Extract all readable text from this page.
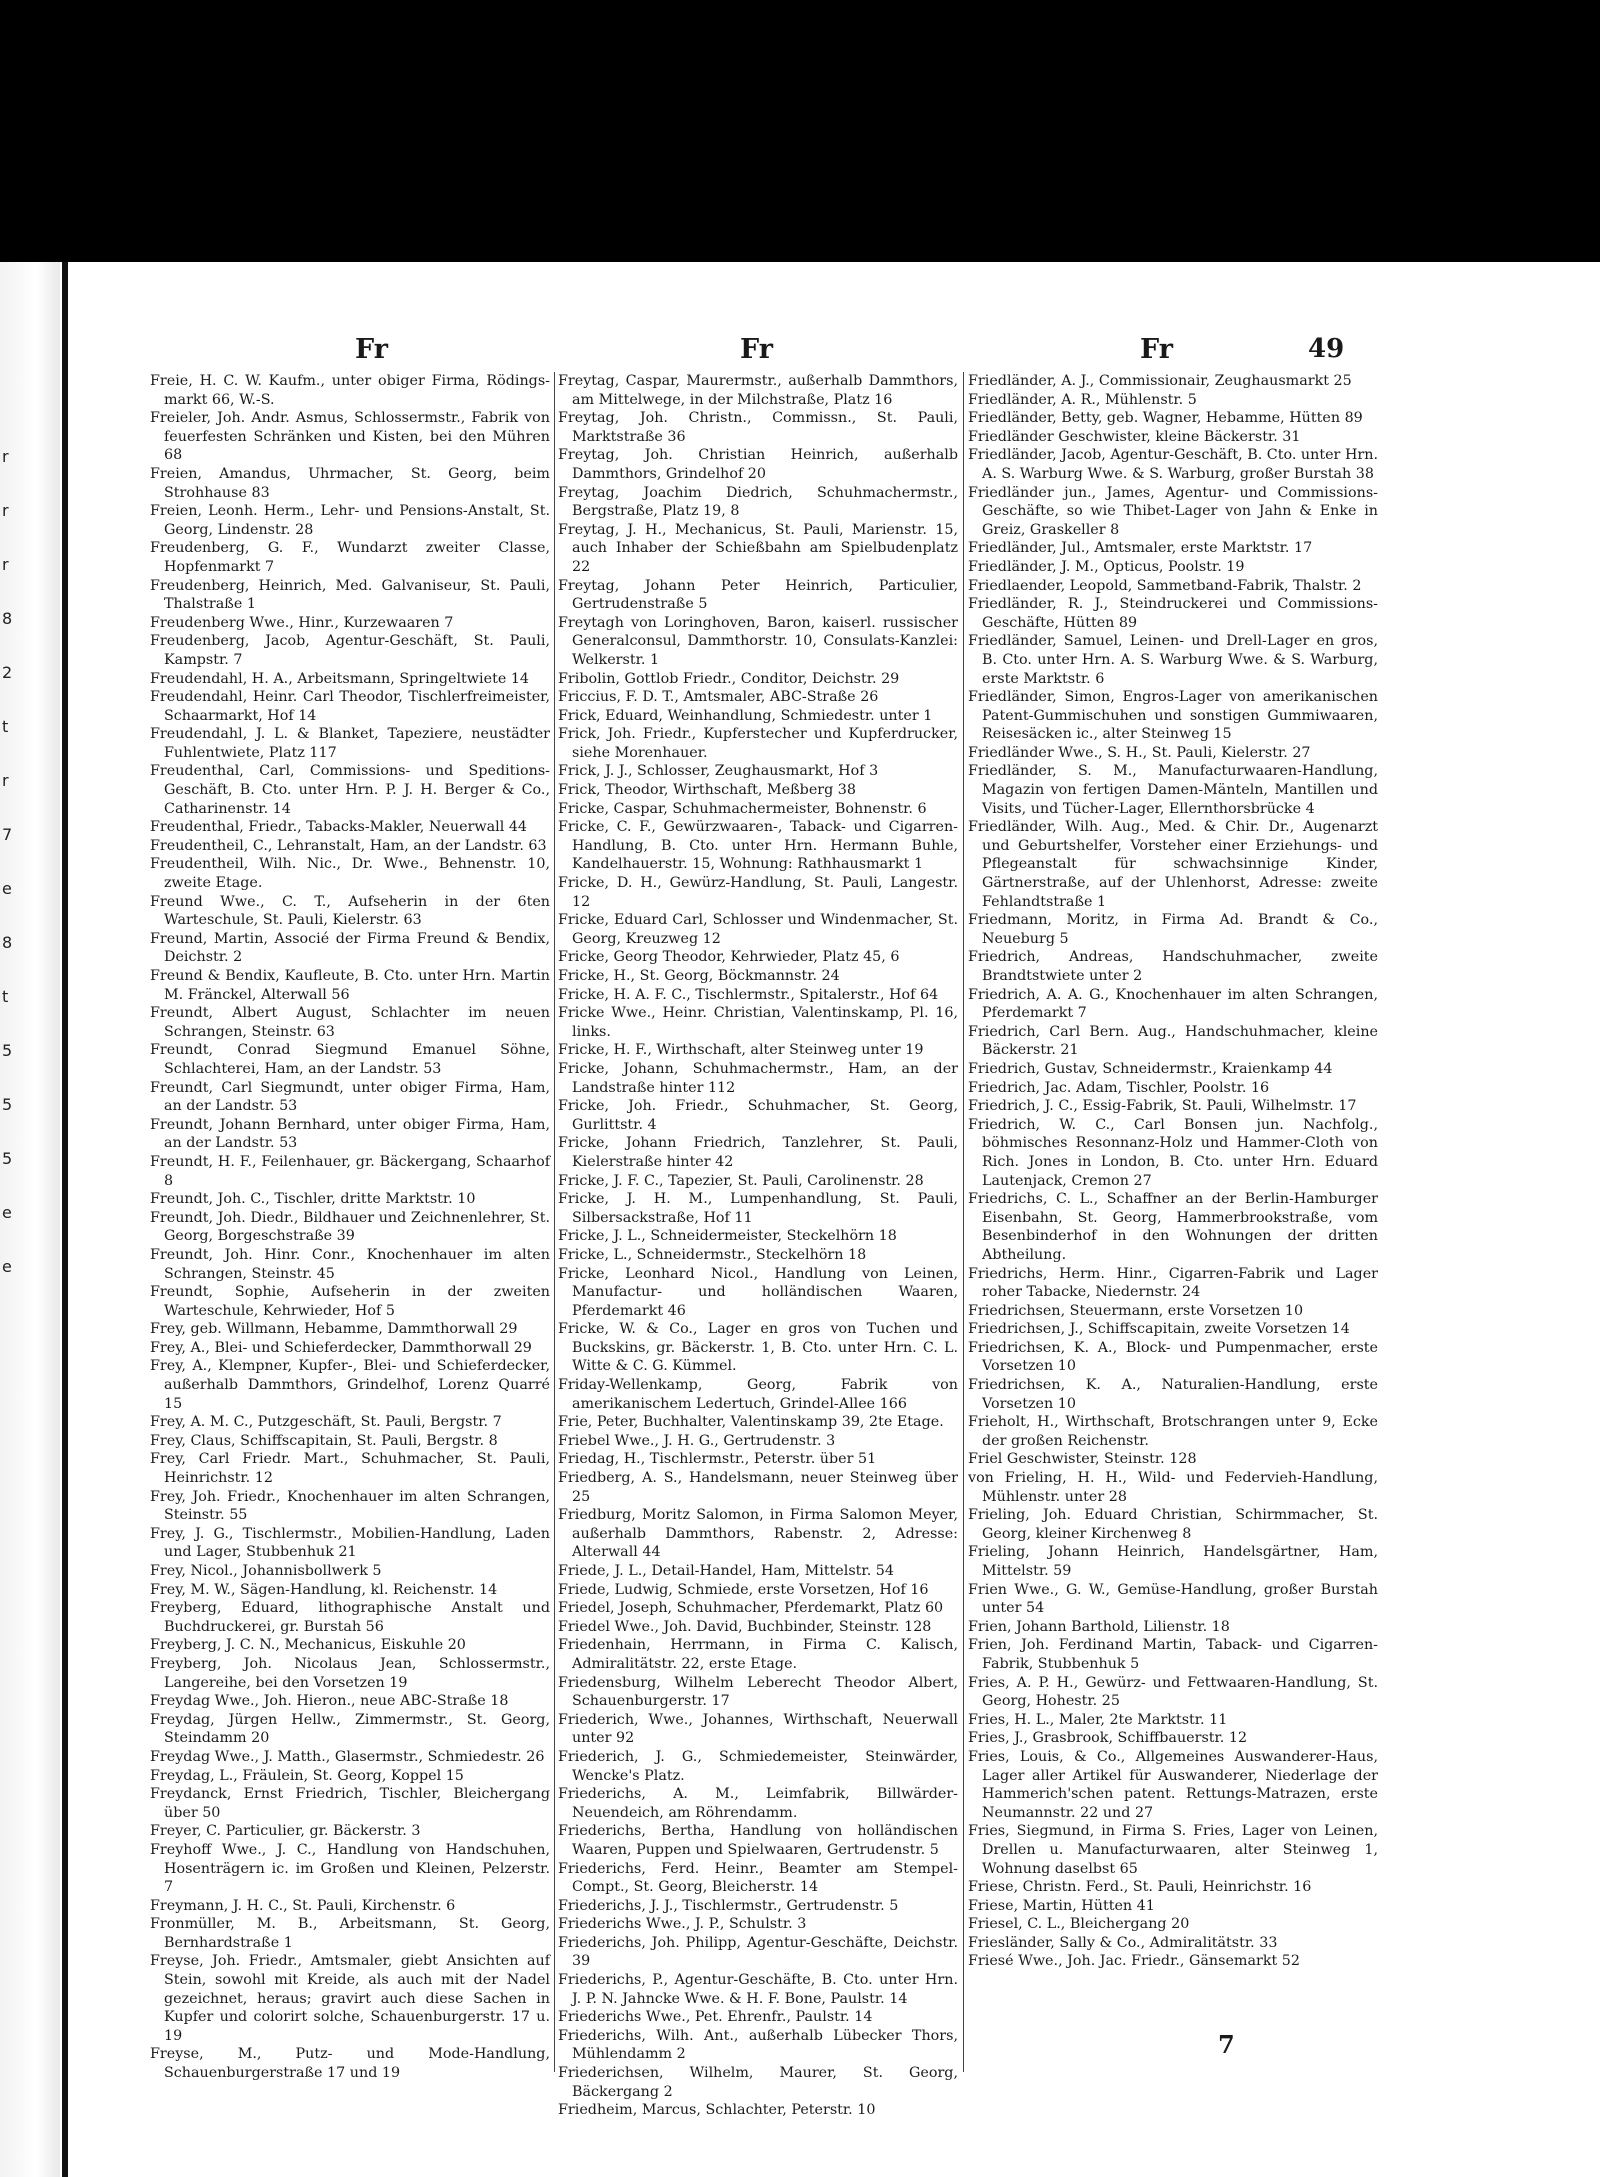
r
r
r
8
2
t
r
7
e
8
t
5
5
5
e
e
Fr	Fr	Fr	49

Freie, H. C. W. Kaufm., unter obiger Firma, Rödings-markt 66, W.-S.

Freieler, Joh. Andr. Asmus, Schlossermstr., Fabrik von feuerfesten Schränken und Kisten, bei den Mühren 68

Freien, Amandus, Uhrmacher, St. Georg, beim Strohhause 83

Freien, Leonh. Herm., Lehr- und Pensions-Anstalt, St. Georg, Lindenstr. 28

Freudenberg, G. F., Wundarzt zweiter Classe, Hopfenmarkt 7

Freudenberg, Heinrich, Med. Galvaniseur, St. Pauli, Thalstraße 1

Freudenberg Wwe., Hinr., Kurzewaaren 7

Freudenberg, Jacob, Agentur-Geschäft, St. Pauli, Kampstr. 7

Freudendahl, H. A., Arbeitsmann, Springeltwiete 14

Freudendahl, Heinr. Carl Theodor, Tischlerfreimeister, Schaarmarkt, Hof 14

Freudendahl, J. L. & Blanket, Tapeziere, neustädter Fuhlentwiete, Platz 117

Freudenthal, Carl, Commissions- und Speditions-Geschäft, B. Cto. unter Hrn. P. J. H. Berger & Co., Catharinenstr. 14

Freudenthal, Friedr., Tabacks-Makler, Neuerwall 44

Freudentheil, C., Lehranstalt, Ham, an der Landstr. 63

Freudentheil, Wilh. Nic., Dr. Wwe., Behnenstr. 10, zweite Etage.

Freund Wwe., C. T., Aufseherin in der 6ten Warteschule, St. Pauli, Kielerstr. 63

Freund, Martin, Associé der Firma Freund & Bendix, Deichstr. 2

Freund & Bendix, Kaufleute, B. Cto. unter Hrn. Martin M. Fränckel, Alterwall 56

Freundt, Albert August, Schlachter im neuen Schrangen, Steinstr. 63

Freundt, Conrad Siegmund Emanuel Söhne, Schlachterei, Ham, an der Landstr. 53

Freundt, Carl Siegmundt, unter obiger Firma, Ham, an der Landstr. 53

Freundt, Johann Bernhard, unter obiger Firma, Ham, an der Landstr. 53

Freundt, H. F., Feilenhauer, gr. Bäckergang, Schaarhof 8

Freundt, Joh. C., Tischler, dritte Marktstr. 10

Freundt, Joh. Diedr., Bildhauer und Zeichnenlehrer, St. Georg, Borgeschstraße 39

Freundt, Joh. Hinr. Conr., Knochenhauer im alten Schrangen, Steinstr. 45

Freundt, Sophie, Aufseherin in der zweiten Warteschule, Kehrwieder, Hof 5

Frey, geb. Willmann, Hebamme, Dammthorwall 29

Frey, A., Blei- und Schieferdecker, Dammthorwall 29

Frey, A., Klempner, Kupfer-, Blei- und Schieferdecker, außerhalb Dammthors, Grindelhof, Lorenz Quarré 15

Frey, A. M. C., Putzgeschäft, St. Pauli, Bergstr. 7

Frey, Claus, Schiffscapitain, St. Pauli, Bergstr. 8

Frey, Carl Friedr. Mart., Schuhmacher, St. Pauli, Heinrichstr. 12

Frey, Joh. Friedr., Knochenhauer im alten Schrangen, Steinstr. 55

Frey, J. G., Tischlermstr., Mobilien-Handlung, Laden und Lager, Stubbenhuk 21

Frey, Nicol., Johannisbollwerk 5

Frey, M. W., Sägen-Handlung, kl. Reichenstr. 14

Freyberg, Eduard, lithographische Anstalt und Buchdruckerei, gr. Burstah 56

Freyberg, J. C. N., Mechanicus, Eiskuhle 20

Freyberg, Joh. Nicolaus Jean, Schlossermstr., Langereihe, bei den Vorsetzen 19

Freydag Wwe., Joh. Hieron., neue ABC-Straße 18

Freydag, Jürgen Hellw., Zimmermstr., St. Georg, Steindamm 20

Freydag Wwe., J. Matth., Glasermstr., Schmiedestr. 26

Freydag, L., Fräulein, St. Georg, Koppel 15

Freydanck, Ernst Friedrich, Tischler, Bleichergang über 50

Freyer, C. Particulier, gr. Bäckerstr. 3

Freyhoff Wwe., J. C., Handlung von Handschuhen, Hosenträgern ic. im Großen und Kleinen, Pelzerstr. 7

Freymann, J. H. C., St. Pauli, Kirchenstr. 6

Fronmüller, M. B., Arbeitsmann, St. Georg, Bernhardstraße 1

Freyse, Joh. Friedr., Amtsmaler, giebt Ansichten auf Stein, sowohl mit Kreide, als auch mit der Nadel gezeichnet, heraus; gravirt auch diese Sachen in Kupfer und colorirt solche, Schauenburgerstr. 17 u. 19

Freyse, M., Putz- und Mode-Handlung, Schauenburgerstraße 17 und 19

Freytag, Caspar, Maurermstr., außerhalb Dammthors, am Mittelwege, in der Milchstraße, Platz 16

Freytag, Joh. Christn., Commissn., St. Pauli, Marktstraße 36

Freytag, Joh. Christian Heinrich, außerhalb Dammthors, Grindelhof 20

Freytag, Joachim Diedrich, Schuhmachermstr., Bergstraße, Platz 19, 8

Freytag, J. H., Mechanicus, St. Pauli, Marienstr. 15, auch Inhaber der Schießbahn am Spielbudenplatz 22

Freytag, Johann Peter Heinrich, Particulier, Gertrudenstraße 5

Freytagh von Loringhoven, Baron, kaiserl. russischer Generalconsul, Dammthorstr. 10, Consulats-Kanzlei: Welkerstr. 1

Fribolin, Gottlob Friedr., Conditor, Deichstr. 29

Friccius, F. D. T., Amtsmaler, ABC-Straße 26

Frick, Eduard, Weinhandlung, Schmiedestr. unter 1

Frick, Joh. Friedr., Kupferstecher und Kupferdrucker, siehe Morenhauer.

Frick, J. J., Schlosser, Zeughausmarkt, Hof 3

Frick, Theodor, Wirthschaft, Meßberg 38

Fricke, Caspar, Schuhmachermeister, Bohnenstr. 6

Fricke, C. F., Gewürzwaaren-, Taback- und Cigarren-Handlung, B. Cto. unter Hrn. Hermann Buhle, Kandelhauerstr. 15, Wohnung: Rathhausmarkt 1

Fricke, D. H., Gewürz-Handlung, St. Pauli, Langestr. 12

Fricke, Eduard Carl, Schlosser und Windenmacher, St. Georg, Kreuzweg 12

Fricke, Georg Theodor, Kehrwieder, Platz 45, 6

Fricke, H., St. Georg, Böckmannstr. 24

Fricke, H. A. F. C., Tischlermstr., Spitalerstr., Hof 64

Fricke Wwe., Heinr. Christian, Valentinskamp, Pl. 16, links.

Fricke, H. F., Wirthschaft, alter Steinweg unter 19

Fricke, Johann, Schuhmachermstr., Ham, an der Landstraße hinter 112

Fricke, Joh. Friedr., Schuhmacher, St. Georg, Gurlittstr. 4

Fricke, Johann Friedrich, Tanzlehrer, St. Pauli, Kielerstraße hinter 42

Fricke, J. F. C., Tapezier, St. Pauli, Carolinenstr. 28

Fricke, J. H. M., Lumpenhandlung, St. Pauli, Silbersackstraße, Hof 11

Fricke, J. L., Schneidermeister, Steckelhörn 18

Fricke, L., Schneidermstr., Steckelhörn 18

Fricke, Leonhard Nicol., Handlung von Leinen, Manufactur- und holländischen Waaren, Pferdemarkt 46

Fricke, W. & Co., Lager en gros von Tuchen und Buckskins, gr. Bäckerstr. 1, B. Cto. unter Hrn. C. L. Witte & C. G. Kümmel.

Friday-Wellenkamp, Georg, Fabrik von amerikanischem Ledertuch, Grindel-Allee 166

Frie, Peter, Buchhalter, Valentinskamp 39, 2te Etage.

Friebel Wwe., J. H. G., Gertrudenstr. 3

Friedag, H., Tischlermstr., Peterstr. über 51

Friedberg, A. S., Handelsmann, neuer Steinweg über 25

Friedburg, Moritz Salomon, in Firma Salomon Meyer, außerhalb Dammthors, Rabenstr. 2, Adresse: Alterwall 44

Friede, J. L., Detail-Handel, Ham, Mittelstr. 54

Friede, Ludwig, Schmiede, erste Vorsetzen, Hof 16

Friedel, Joseph, Schuhmacher, Pferdemarkt, Platz 60

Friedel Wwe., Joh. David, Buchbinder, Steinstr. 128

Friedenhain, Herrmann, in Firma C. Kalisch, Admiralitätstr. 22, erste Etage.

Friedensburg, Wilhelm Leberecht Theodor Albert, Schauenburgerstr. 17

Friederich, Wwe., Johannes, Wirthschaft, Neuerwall unter 92

Friederich, J. G., Schmiedemeister, Steinwärder, Wencke's Platz.

Friederichs, A. M., Leimfabrik, Billwärder-Neuendeich, am Röhrendamm.

Friederichs, Bertha, Handlung von holländischen Waaren, Puppen und Spielwaaren, Gertrudenstr. 5

Friederichs, Ferd. Heinr., Beamter am Stempel-Compt., St. Georg, Bleicherstr. 14

Friederichs, J. J., Tischlermstr., Gertrudenstr. 5

Friederichs Wwe., J. P., Schulstr. 3

Friederichs, Joh. Philipp, Agentur-Geschäfte, Deichstr. 39

Friederichs, P., Agentur-Geschäfte, B. Cto. unter Hrn. J. P. N. Jahncke Wwe. & H. F. Bone, Paulstr. 14

Friederichs Wwe., Pet. Ehrenfr., Paulstr. 14

Friederichs, Wilh. Ant., außerhalb Lübecker Thors, Mühlendamm 2

Friederichsen, Wilhelm, Maurer, St. Georg, Bäckergang 2

Friedheim, Marcus, Schlachter, Peterstr. 10

Friedländer, A. J., Commissionair, Zeughausmarkt 25

Friedländer, A. R., Mühlenstr. 5

Friedländer, Betty, geb. Wagner, Hebamme, Hütten 89

Friedländer Geschwister, kleine Bäckerstr. 31

Friedländer, Jacob, Agentur-Geschäft, B. Cto. unter Hrn. A. S. Warburg Wwe. & S. Warburg, großer Burstah 38

Friedländer jun., James, Agentur- und Commissions-Geschäfte, so wie Thibet-Lager von Jahn & Enke in Greiz, Graskeller 8

Friedländer, Jul., Amtsmaler, erste Marktstr. 17

Friedländer, J. M., Opticus, Poolstr. 19

Friedlaender, Leopold, Sammetband-Fabrik, Thalstr. 2

Friedländer, R. J., Steindruckerei und Commissions-Geschäfte, Hütten 89

Friedländer, Samuel, Leinen- und Drell-Lager en gros, B. Cto. unter Hrn. A. S. Warburg Wwe. & S. Warburg, erste Marktstr. 6

Friedländer, Simon, Engros-Lager von amerikanischen Patent-Gummischuhen und sonstigen Gummiwaaren, Reisesäcken ic., alter Steinweg 15

Friedländer Wwe., S. H., St. Pauli, Kielerstr. 27

Friedländer, S. M., Manufacturwaaren-Handlung, Magazin von fertigen Damen-Mänteln, Mantillen und Visits, und Tücher-Lager, Ellernthorsbrücke 4

Friedländer, Wilh. Aug., Med. & Chir. Dr., Augenarzt und Geburtshelfer, Vorsteher einer Erziehungs- und Pflegeanstalt für schwachsinnige Kinder, Gärtnerstraße, auf der Uhlenhorst, Adresse: zweite Fehlandtstraße 1

Friedmann, Moritz, in Firma Ad. Brandt & Co., Neueburg 5

Friedrich, Andreas, Handschuhmacher, zweite Brandtstwiete unter 2

Friedrich, A. A. G., Knochenhauer im alten Schrangen, Pferdemarkt 7

Friedrich, Carl Bern. Aug., Handschuhmacher, kleine Bäckerstr. 21

Friedrich, Gustav, Schneidermstr., Kraienkamp 44

Friedrich, Jac. Adam, Tischler, Poolstr. 16

Friedrich, J. C., Essig-Fabrik, St. Pauli, Wilhelmstr. 17

Friedrich, W. C., Carl Bonsen jun. Nachfolg., böhmisches Resonnanz-Holz und Hammer-Cloth von Rich. Jones in London, B. Cto. unter Hrn. Eduard Lautenjack, Cremon 27

Friedrichs, C. L., Schaffner an der Berlin-Hamburger Eisenbahn, St. Georg, Hammerbrookstraße, vom Besenbinderhof in den Wohnungen der dritten Abtheilung.

Friedrichs, Herm. Hinr., Cigarren-Fabrik und Lager roher Tabacke, Niedernstr. 24

Friedrichsen, Steuermann, erste Vorsetzen 10

Friedrichsen, J., Schiffscapitain, zweite Vorsetzen 14

Friedrichsen, K. A., Block- und Pumpenmacher, erste Vorsetzen 10

Friedrichsen, K. A., Naturalien-Handlung, erste Vorsetzen 10

Frieholt, H., Wirthschaft, Brotschrangen unter 9, Ecke der großen Reichenstr.

Friel Geschwister, Steinstr. 128

von Frieling, H. H., Wild- und Federvieh-Handlung, Mühlenstr. unter 28

Frieling, Joh. Eduard Christian, Schirmmacher, St. Georg, kleiner Kirchenweg 8

Frieling, Johann Heinrich, Handelsgärtner, Ham, Mittelstr. 59

Frien Wwe., G. W., Gemüse-Handlung, großer Burstah unter 54

Frien, Johann Barthold, Lilienstr. 18

Frien, Joh. Ferdinand Martin, Taback- und Cigarren-Fabrik, Stubbenhuk 5

Fries, A. P. H., Gewürz- und Fettwaaren-Handlung, St. Georg, Hohestr. 25

Fries, H. L., Maler, 2te Marktstr. 11

Fries, J., Grasbrook, Schiffbauerstr. 12

Fries, Louis, & Co., Allgemeines Auswanderer-Haus, Lager aller Artikel für Auswanderer, Niederlage der Hammerich'schen patent. Rettungs-Matrazen, erste Neumannstr. 22 und 27

Fries, Siegmund, in Firma S. Fries, Lager von Leinen, Drellen u. Manufacturwaaren, alter Steinweg 1, Wohnung daselbst 65

Friese, Christn. Ferd., St. Pauli, Heinrichstr. 16

Friese, Martin, Hütten 41

Friesel, C. L., Bleichergang 20

Friesländer, Sally & Co., Admiralitätstr. 33

Friesé Wwe., Joh. Jac. Friedr., Gänsemarkt 52

7
